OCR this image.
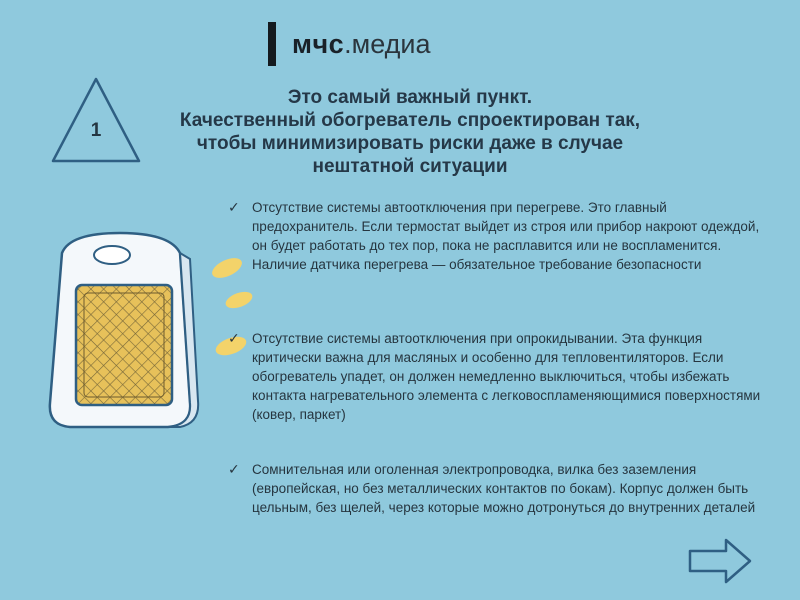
мчс .медиа
1
Это самый важный пункт.
Качественный обогреватель спроектирован так,
чтобы минимизировать риски даже в случае
нештатной ситуации
✓ Отсутствие системы автоотключения при перегреве. Это главный предохранитель. Если термостат выйдет из строя или прибор накроют одеждой, он будет работать до тех пор, пока не расплавится или не воспламенится. Наличие датчика перегрева — обязательное требование безопасности
✓ Отсутствие системы автоотключения при опрокидывании. Эта функция критически важна для масляных и особенно для тепловентиляторов. Если обогреватель упадет, он должен немедленно выключиться, чтобы избежать контакта нагревательного элемента с легковоспламеняющимися поверхностями (ковер, паркет)
✓ Сомнительная или оголенная электропроводка, вилка без заземления (европейская, но без металлических контактов по бокам). Корпус должен быть цельным, без щелей, через которые можно дотронуться до внутренних деталей
